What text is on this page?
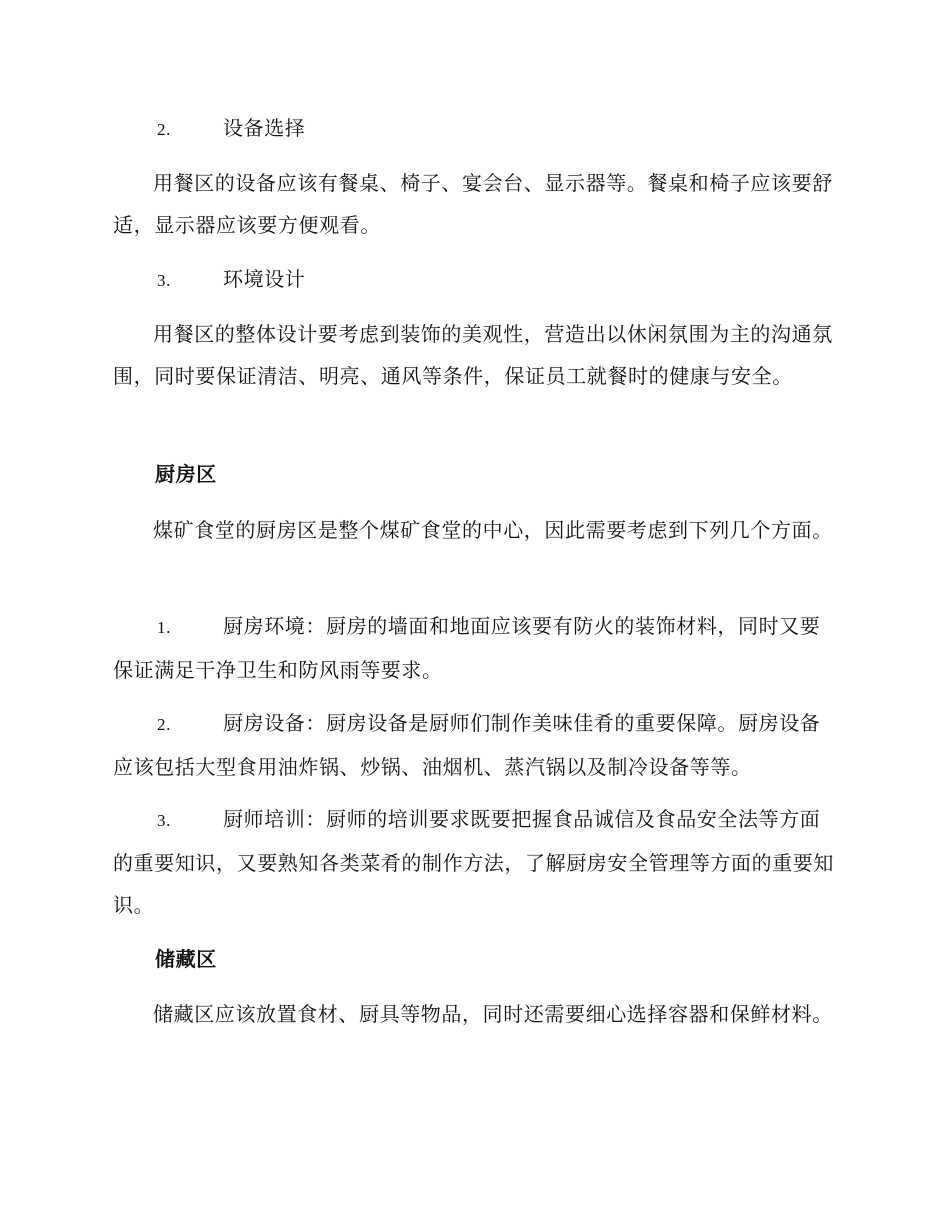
2.	设备选择

用餐区的设备应该有餐桌、椅子、宴会台、显示器等。餐桌和椅子应该要舒适，显示器应该要方便观看。

3.	环境设计

用餐区的整体设计要考虑到装饰的美观性，营造出以休闲氛围为主的沟通氛围，同时要保证清洁、明亮、通风等条件，保证员工就餐时的健康与安全。

厨房区

煤矿食堂的厨房区是整个煤矿食堂的中心，因此需要考虑到下列几个方面。

1.	厨房环境：厨房的墙面和地面应该要有防火的装饰材料，同时又要保证满足干净卫生和防风雨等要求。

2.	厨房设备：厨房设备是厨师们制作美味佳肴的重要保障。厨房设备应该包括大型食用油炸锅、炒锅、油烟机、蒸汽锅以及制冷设备等等。

3.	厨师培训：厨师的培训要求既要把握食品诚信及食品安全法等方面的重要知识，又要熟知各类菜肴的制作方法，了解厨房安全管理等方面的重要知识。

储藏区

储藏区应该放置食材、厨具等物品，同时还需要细心选择容器和保鲜材料。
